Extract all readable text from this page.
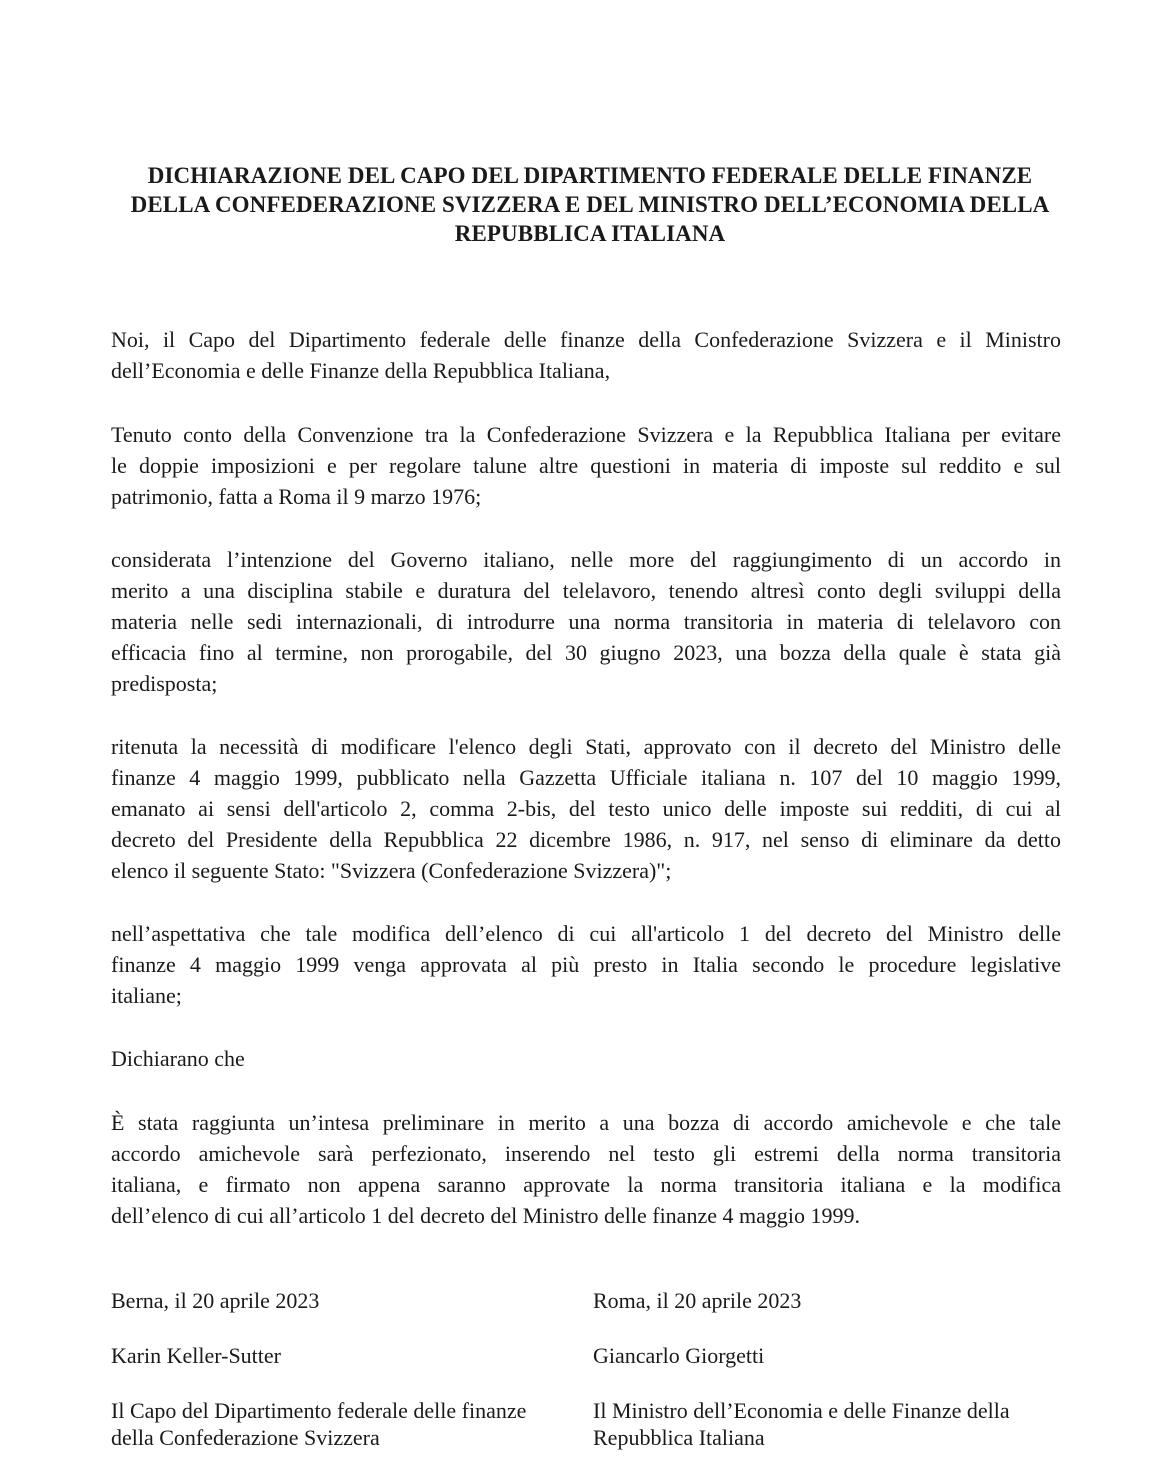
DICHIARAZIONE DEL CAPO DEL DIPARTIMENTO FEDERALE DELLE FINANZE
DELLA CONFEDERAZIONE SVIZZERA E DEL MINISTRO DELL’ECONOMIA DELLA
REPUBBLICA ITALIANA
Noi, il Capo del Dipartimento federale delle finanze della Confederazione Svizzera e il Ministro
dell’Economia e delle Finanze della Repubblica Italiana,
Tenuto conto della Convenzione tra la Confederazione Svizzera e la Repubblica Italiana per evitare
le doppie imposizioni e per regolare talune altre questioni in materia di imposte sul reddito e sul
patrimonio, fatta a Roma il 9 marzo 1976;
considerata l’intenzione del Governo italiano, nelle more del raggiungimento di un accordo in
merito a una disciplina stabile e duratura del telelavoro, tenendo altresì conto degli sviluppi della
materia nelle sedi internazionali, di introdurre una norma transitoria in materia di telelavoro con
efficacia fino al termine, non prorogabile, del 30 giugno 2023, una bozza della quale è stata già
predisposta;
ritenuta la necessità di modificare l'elenco degli Stati, approvato con il decreto del Ministro delle
finanze 4 maggio 1999, pubblicato nella Gazzetta Ufficiale italiana n. 107 del 10 maggio 1999,
emanato ai sensi dell'articolo 2, comma 2-bis, del testo unico delle imposte sui redditi, di cui al
decreto del Presidente della Repubblica 22 dicembre 1986, n. 917, nel senso di eliminare da detto
elenco il seguente Stato: "Svizzera (Confederazione Svizzera)";
nell’aspettativa che tale modifica dell’elenco di cui all'articolo 1 del decreto del Ministro delle
finanze 4 maggio 1999 venga approvata al più presto in Italia secondo le procedure legislative
italiane;
Dichiarano che
È stata raggiunta un’intesa preliminare in merito a una bozza di accordo amichevole e che tale
accordo amichevole sarà perfezionato, inserendo nel testo gli estremi della norma transitoria
italiana, e firmato non appena saranno approvate la norma transitoria italiana e la modifica
dell’elenco di cui all’articolo 1 del decreto del Ministro delle finanze 4 maggio 1999.
Berna, il 20 aprile 2023
Karin Keller-Sutter
Il Capo del Dipartimento federale delle finanze
della Confederazione Svizzera
Roma, il 20 aprile 2023
Giancarlo Giorgetti
Il Ministro dell’Economia e delle Finanze della
Repubblica Italiana
